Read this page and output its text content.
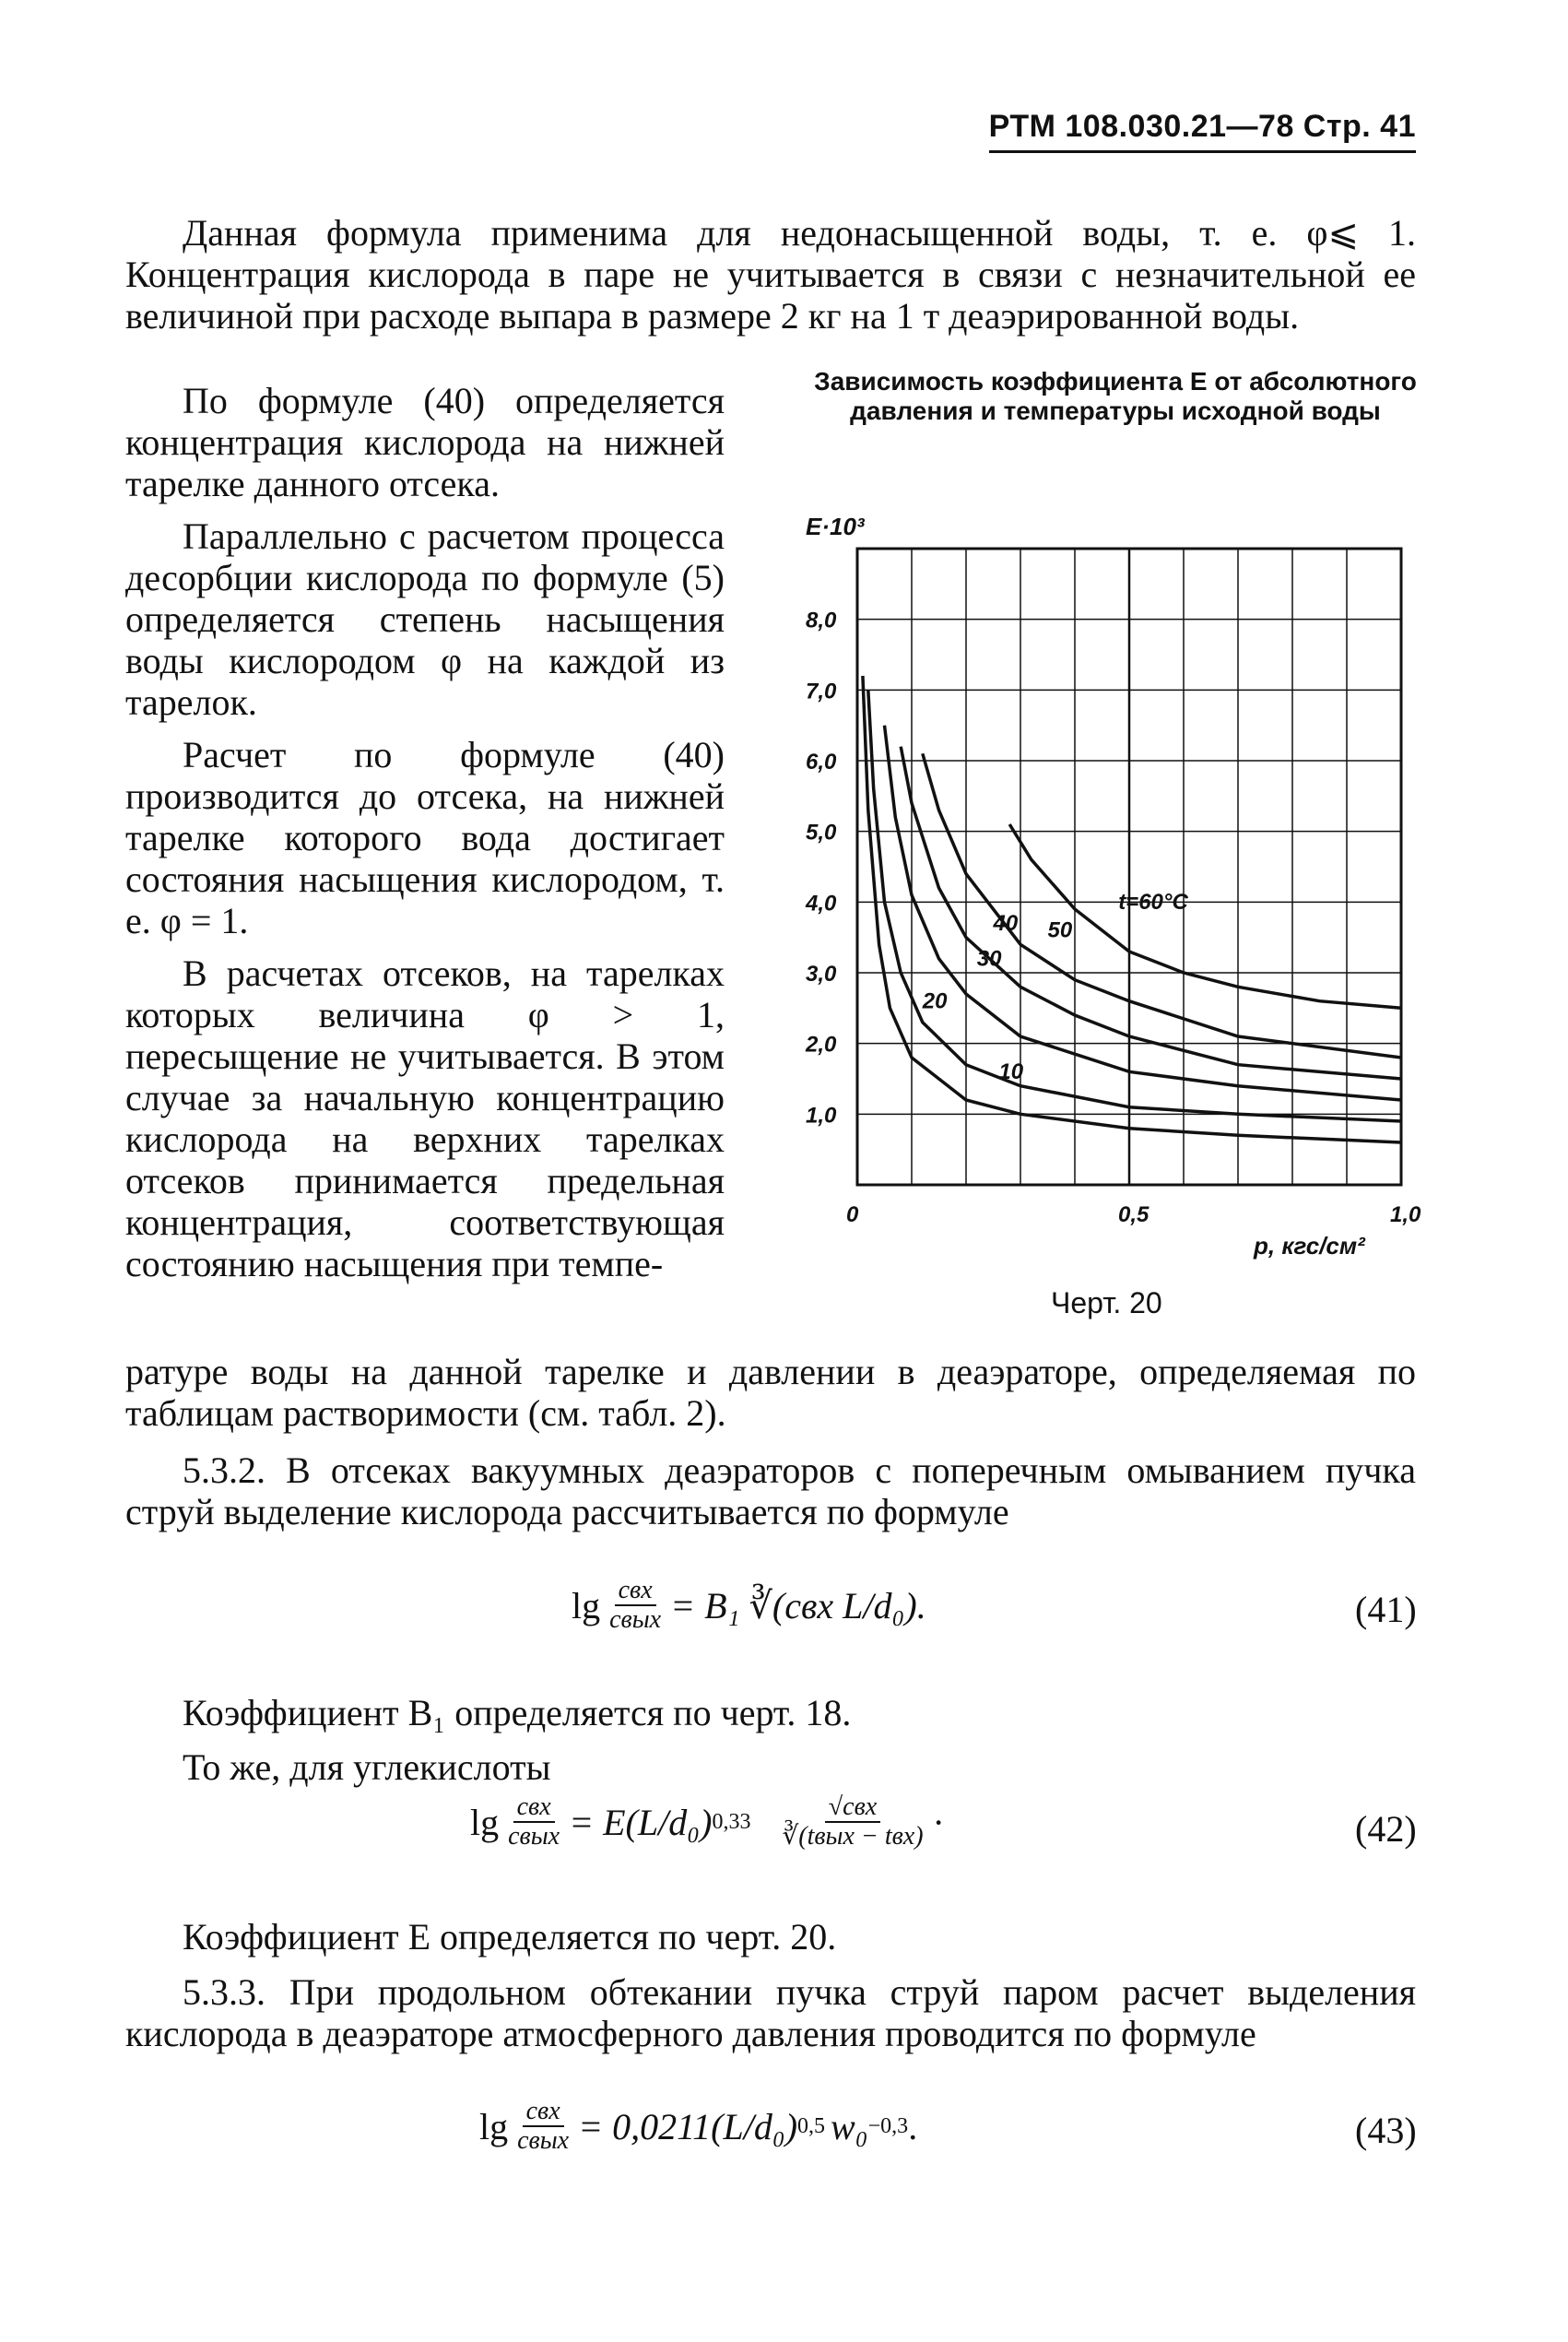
РТМ 108.030.21—78 Стр. 41

Данная формула применима для недонасыщенной воды, т. е. φ⩽ 1. Концентрация кислорода в паре не учитывается в связи с незначительной ее величиной при расходе выпара в размере 2 кг на 1 т деаэрированной воды.

По формуле (40) определяется концентрация кислорода на нижней тарелке данного отсека.

Параллельно с расчетом процесса десорбции кислорода по формуле (5) определяется степень насыщения воды кислородом φ на каждой из тарелок.

Расчет по формуле (40) производится до отсека, на нижней тарелке которого вода достигает состояния насыщения кислородом, т. е. φ = 1.

В расчетах отсеков, на тарелках которых величина φ > 1, пересыщение не учитывается. В этом случае за начальную концентрацию кислорода на верхних тарелках отсеков принимается предельная концентрация, соответствующая состоянию насыщения при темпе-

Зависимость коэффициента E от абсолютного давления и температуры исходной воды
E·10³
1,0
2,0
3,0
4,0
5,0
6,0
7,0
8,0
0	0,5	1,0
10
20
30
40 50
t=60°C
p, кгс/см²
Черт. 20

ратуре воды на данной тарелке и давлении в деаэраторе, определяемая по таблицам растворимости (см. табл. 2).

5.3.2. В отсеках вакуумных деаэраторов с поперечным омыванием пучка струй выделение кислорода рассчитывается по формуле

$\lg \frac{\text{cвх}}{\text{cвых}} = B_1$ ∛(cвх L/d₀).	(41)

Коэффициент B₁ определяется по черт. 18.

То же, для углекислоты

$\lg \frac{\text{cвх}}{\text{cвых}} = E(L/d_0)$ $0,33 \frac{\text{√cвх}}{\text{∛(tвых − tвх)}}$ ·	(42)

Коэффициент E определяется по черт. 20.

5.3.3. При продольном обтекании пучка струй паром расчет выделения кислорода в деаэраторе атмосферного давления проводится по формуле

$\lg \frac{\text{cвх}}{\text{cвых}} = 0,0211(L/d_0)$ 0,5 w₀ −0,3 .	(43)
